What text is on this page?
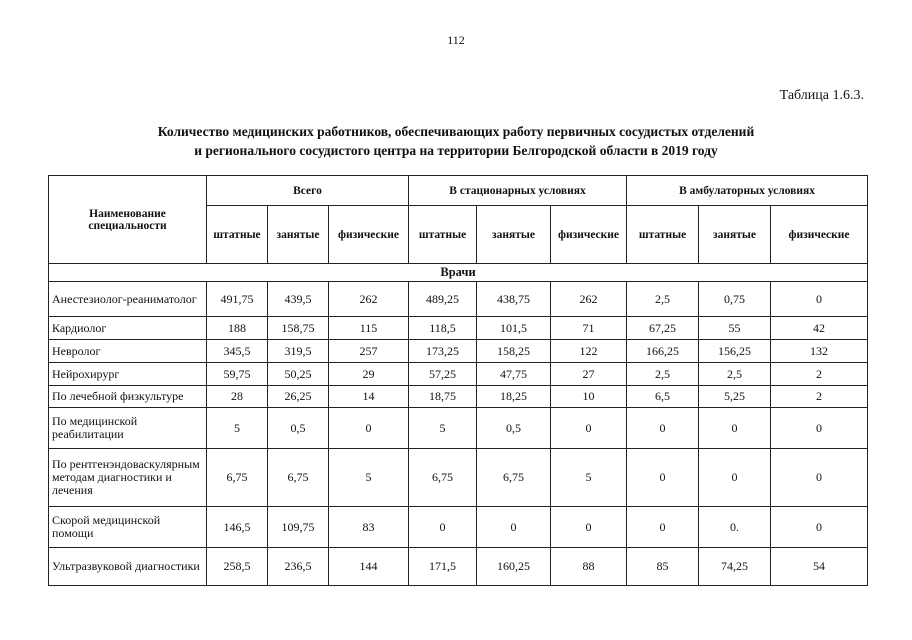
112
Таблица 1.6.3.
Количество медицинских работников, обеспечивающих работу первичных сосудистых отделений
и регионального сосудистого центра на территории Белгородской области в 2019 году
Наименование специальности	Всего			В стационарных условиях			В амбулаторных условиях		
	штатные	занятые	физические	штатные	занятые	физические	штатные	занятые	физические
Врачи									
Анестезиолог-реаниматолог	491,75	439,5	262	489,25	438,75	262	2,5	0,75	0
Кардиолог	188	158,75	115	118,5	101,5	71	67,25	55	42
Невролог	345,5	319,5	257	173,25	158,25	122	166,25	156,25	132
Нейрохирург	59,75	50,25	29	57,25	47,75	27	2,5	2,5	2
По лечебной физкультуре	28	26,25	14	18,75	18,25	10	6,5	5,25	2
По медицинской реабилитации	5	0,5	0	5	0,5	0	0	0	0
По рентгенэндоваскулярным методам диагностики и лечения	6,75	6,75	5	6,75	6,75	5	0	0	0
Скорой медицинской помощи	146,5	109,75	83	0	0	0	0	0.	0
Ультразвуковой диагностики	258,5	236,5	144	171,5	160,25	88	85	74,25	54
